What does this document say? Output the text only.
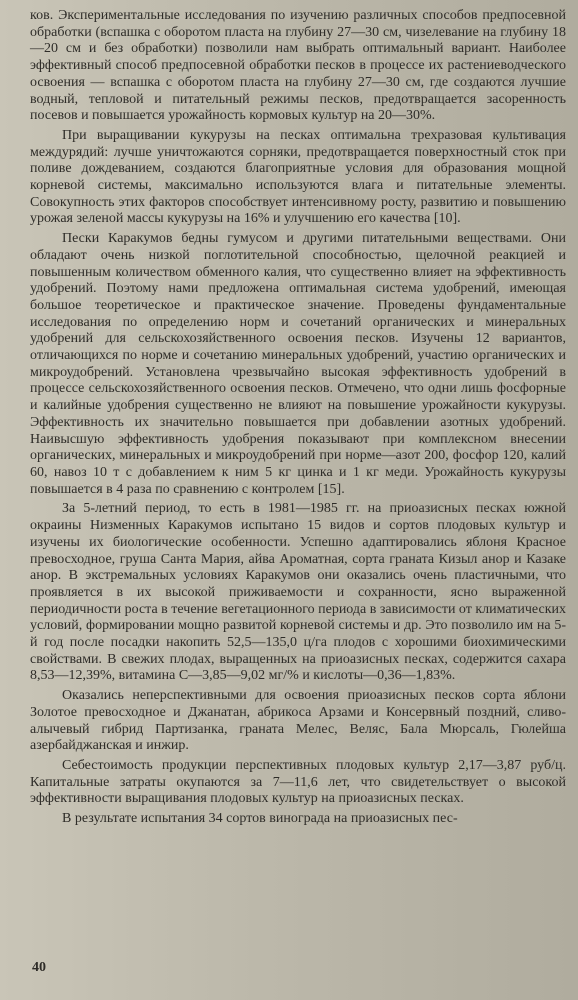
ков. Экспериментальные исследования по изучению различных способов предпосевной обработки (вспашка с оборотом пласта на глубину 27—30 см, чизелевание на глубину 18—20 см и без обработки) позволили нам выбрать оптимальный вариант. Наиболее эффективный способ предпосевной обработки песков в процессе их растениеводческого освоения — вспашка с оборотом пласта на глубину 27—30 см, где создаются лучшие водный, тепловой и питательный режимы песков, предотвращается засоренность посевов и повышается урожайность кормовых культур на 20—30%.

При выращивании кукурузы на песках оптимальна трехразовая культивация междурядий: лучше уничтожаются сорняки, предотвращается поверхностный сток при поливе дождеванием, создаются благоприятные условия для образования мощной корневой системы, максимально используются влага и питательные элементы. Совокупность этих факторов способствует интенсивному росту, развитию и повышению урожая зеленой массы кукурузы на 16% и улучшению его качества [10].

Пески Каракумов бедны гумусом и другими питательными веществами. Они обладают очень низкой поглотительной способностью, щелочной реакцией и повышенным количеством обменного калия, что существенно влияет на эффективность удобрений. Поэтому нами предложена оптимальная система удобрений, имеющая большое теоретическое и практическое значение. Проведены фундаментальные исследования по определению норм и сочетаний органических и минеральных удобрений для сельскохозяйственного освоения песков. Изучены 12 вариантов, отличающихся по норме и сочетанию минеральных удобрений, участию органических и микроудобрений. Установлена чрезвычайно высокая эффективность удобрений в процессе сельскохозяйственного освоения песков. Отмечено, что одни лишь фосфорные и калийные удобрения существенно не влияют на повышение урожайности кукурузы. Эффективность их значительно повышается при добавлении азотных удобрений. Наивысшую эффективность удобрения показывают при комплексном внесении органических, минеральных и микроудобрений при норме—азот 200, фосфор 120, калий 60, навоз 10 т с добавлением к ним 5 кг цинка и 1 кг меди. Урожайность кукурузы повышается в 4 раза по сравнению с контролем [15].

За 5-летний период, то есть в 1981—1985 гг. на приоазисных песках южной окраины Низменных Каракумов испытано 15 видов и сортов плодовых культур и изучены их биологические особенности. Успешно адаптировались яблоня Красное превосходное, груша Санта Мария, айва Ароматная, сорта граната Кизыл анор и Казаке анор. В экстремальных условиях Каракумов они оказались очень пластичными, что проявляется в их высокой приживаемости и сохранности, ясно выраженной периодичности роста в течение вегетационного периода в зависимости от климатических условий, формировании мощно развитой корневой системы и др. Это позволило им на 5-й год после посадки накопить 52,5—135,0 ц/га плодов с хорошими биохимическими свойствами. В свежих плодах, выращенных на приоазисных песках, содержится сахара 8,53—12,39%, витамина С—3,85—9,02 мг/% и кислоты—0,36—1,83%.

Оказались неперспективными для освоения приоазисных песков сорта яблони Золотое превосходное и Джанатан, абрикоса Арзами и Консервный поздний, сливо-алычевый гибрид Партизанка, граната Мелес, Веляс, Бала Мюрсаль, Гюлейша азербайджанская и инжир.

Себестоимость продукции перспективных плодовых культур 2,17—3,87 руб/ц. Капитальные затраты окупаются за 7—11,6 лет, что свидетельствует о высокой эффективности выращивания плодовых культур на приоазисных песках.

В результате испытания 34 сортов винограда на приоазисных пес-

40
